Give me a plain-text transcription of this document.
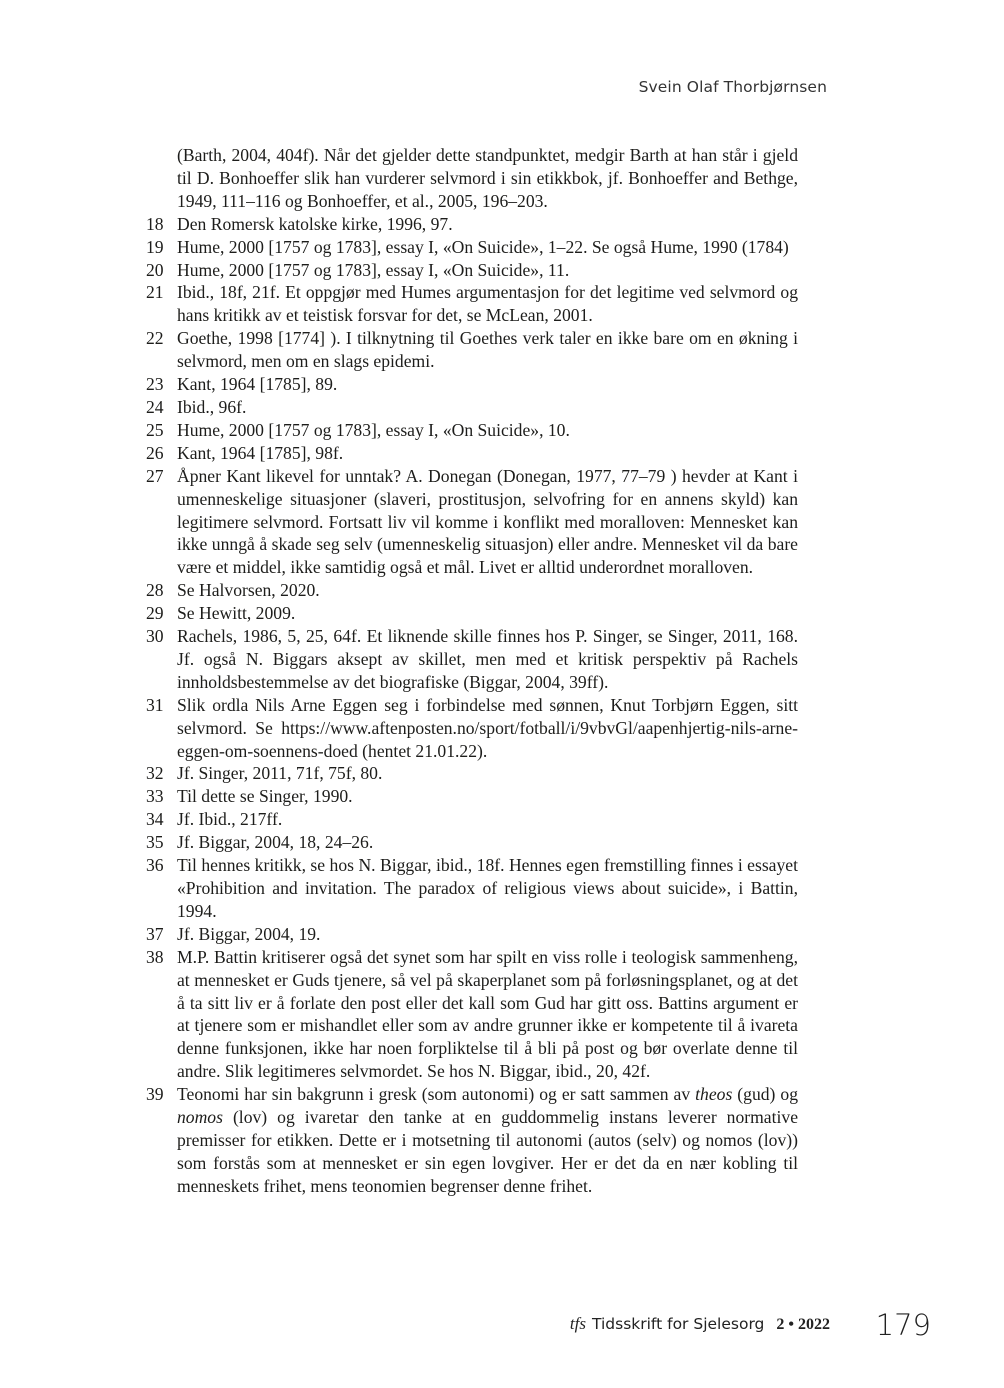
Svein Olaf Thorbjørnsen
(Barth, 2004, 404f). Når det gjelder dette standpunktet, medgir Barth at han står i gjeld til D. Bonhoeffer slik han vurderer selvmord i sin etikkbok, jf. Bonhoeffer and Bethge, 1949, 111–116 og Bonhoeffer, et al., 2005, 196–203.
18 Den Romersk katolske kirke, 1996, 97.
19 Hume, 2000 [1757 og 1783], essay I, «On Suicide», 1–22. Se også Hume, 1990 (1784)
20 Hume, 2000 [1757 og 1783], essay I, «On Suicide», 11.
21 Ibid., 18f, 21f. Et oppgjør med Humes argumentasjon for det legitime ved selvmord og hans kritikk av et teistisk forsvar for det, se McLean, 2001.
22 Goethe, 1998 [1774] ). I tilknytning til Goethes verk taler en ikke bare om en økning i selvmord, men om en slags epidemi.
23 Kant, 1964 [1785], 89.
24 Ibid., 96f.
25 Hume, 2000 [1757 og 1783], essay I, «On Suicide», 10.
26 Kant, 1964 [1785], 98f.
27 Åpner Kant likevel for unntak? A. Donegan (Donegan, 1977, 77–79 ) hevder at Kant i umenneskelige situasjoner (slaveri, prostitusjon, selvofring for en annens skyld) kan legitimere selvmord. Fortsatt liv vil komme i konflikt med moralloven: Mennesket kan ikke unngå å skade seg selv (umenneskelig situasjon) eller andre. Mennesket vil da bare være et middel, ikke samtidig også et mål. Livet er alltid underordnet moralloven.
28 Se Halvorsen, 2020.
29 Se Hewitt, 2009.
30 Rachels, 1986, 5, 25, 64f. Et liknende skille finnes hos P. Singer, se Singer, 2011, 168. Jf. også N. Biggars aksept av skillet, men med et kritisk perspektiv på Rachels innholdsbestemmelse av det biografiske (Biggar, 2004, 39ff).
31 Slik ordla Nils Arne Eggen seg i forbindelse med sønnen, Knut Torbjørn Eggen, sitt selvmord. Se https://www.aftenposten.no/sport/fotball/i/9vbvGl/aapenhjertig-nils-arne-eggen-om-soennens-doed (hentet 21.01.22).
32 Jf. Singer, 2011, 71f, 75f, 80.
33 Til dette se Singer, 1990.
34 Jf. Ibid., 217ff.
35 Jf. Biggar, 2004, 18, 24–26.
36 Til hennes kritikk, se hos N. Biggar, ibid., 18f. Hennes egen fremstilling finnes i essayet «Prohibition and invitation. The paradox of religious views about suicide», i Battin, 1994.
37 Jf. Biggar, 2004, 19.
38 M.P. Battin kritiserer også det synet som har spilt en viss rolle i teologisk sammenheng, at mennesket er Guds tjenere, så vel på skaperplanet som på forløsningsplanet, og at det å ta sitt liv er å forlate den post eller det kall som Gud har gitt oss. Battins argument er at tjenere som er mishandlet eller som av andre grunner ikke er kompetente til å ivareta denne funksjonen, ikke har noen forpliktelse til å bli på post og bør overlate denne til andre. Slik legitimeres selvmordet. Se hos N. Biggar, ibid., 20, 42f.
39 Teonomi har sin bakgrunn i gresk (som autonomi) og er satt sammen av theos (gud) og nomos (lov) og ivaretar den tanke at en guddommelig instans leverer normative premisser for etikken. Dette er i motsetning til autonomi (autos (selv) og nomos (lov)) som forstås som at mennesket er sin egen lovgiver. Her er det da en nær kobling til menneskets frihet, mens teonomien begrenser denne frihet.
tfs Tidsskrift for Sjelesorg 2 • 2022 179
